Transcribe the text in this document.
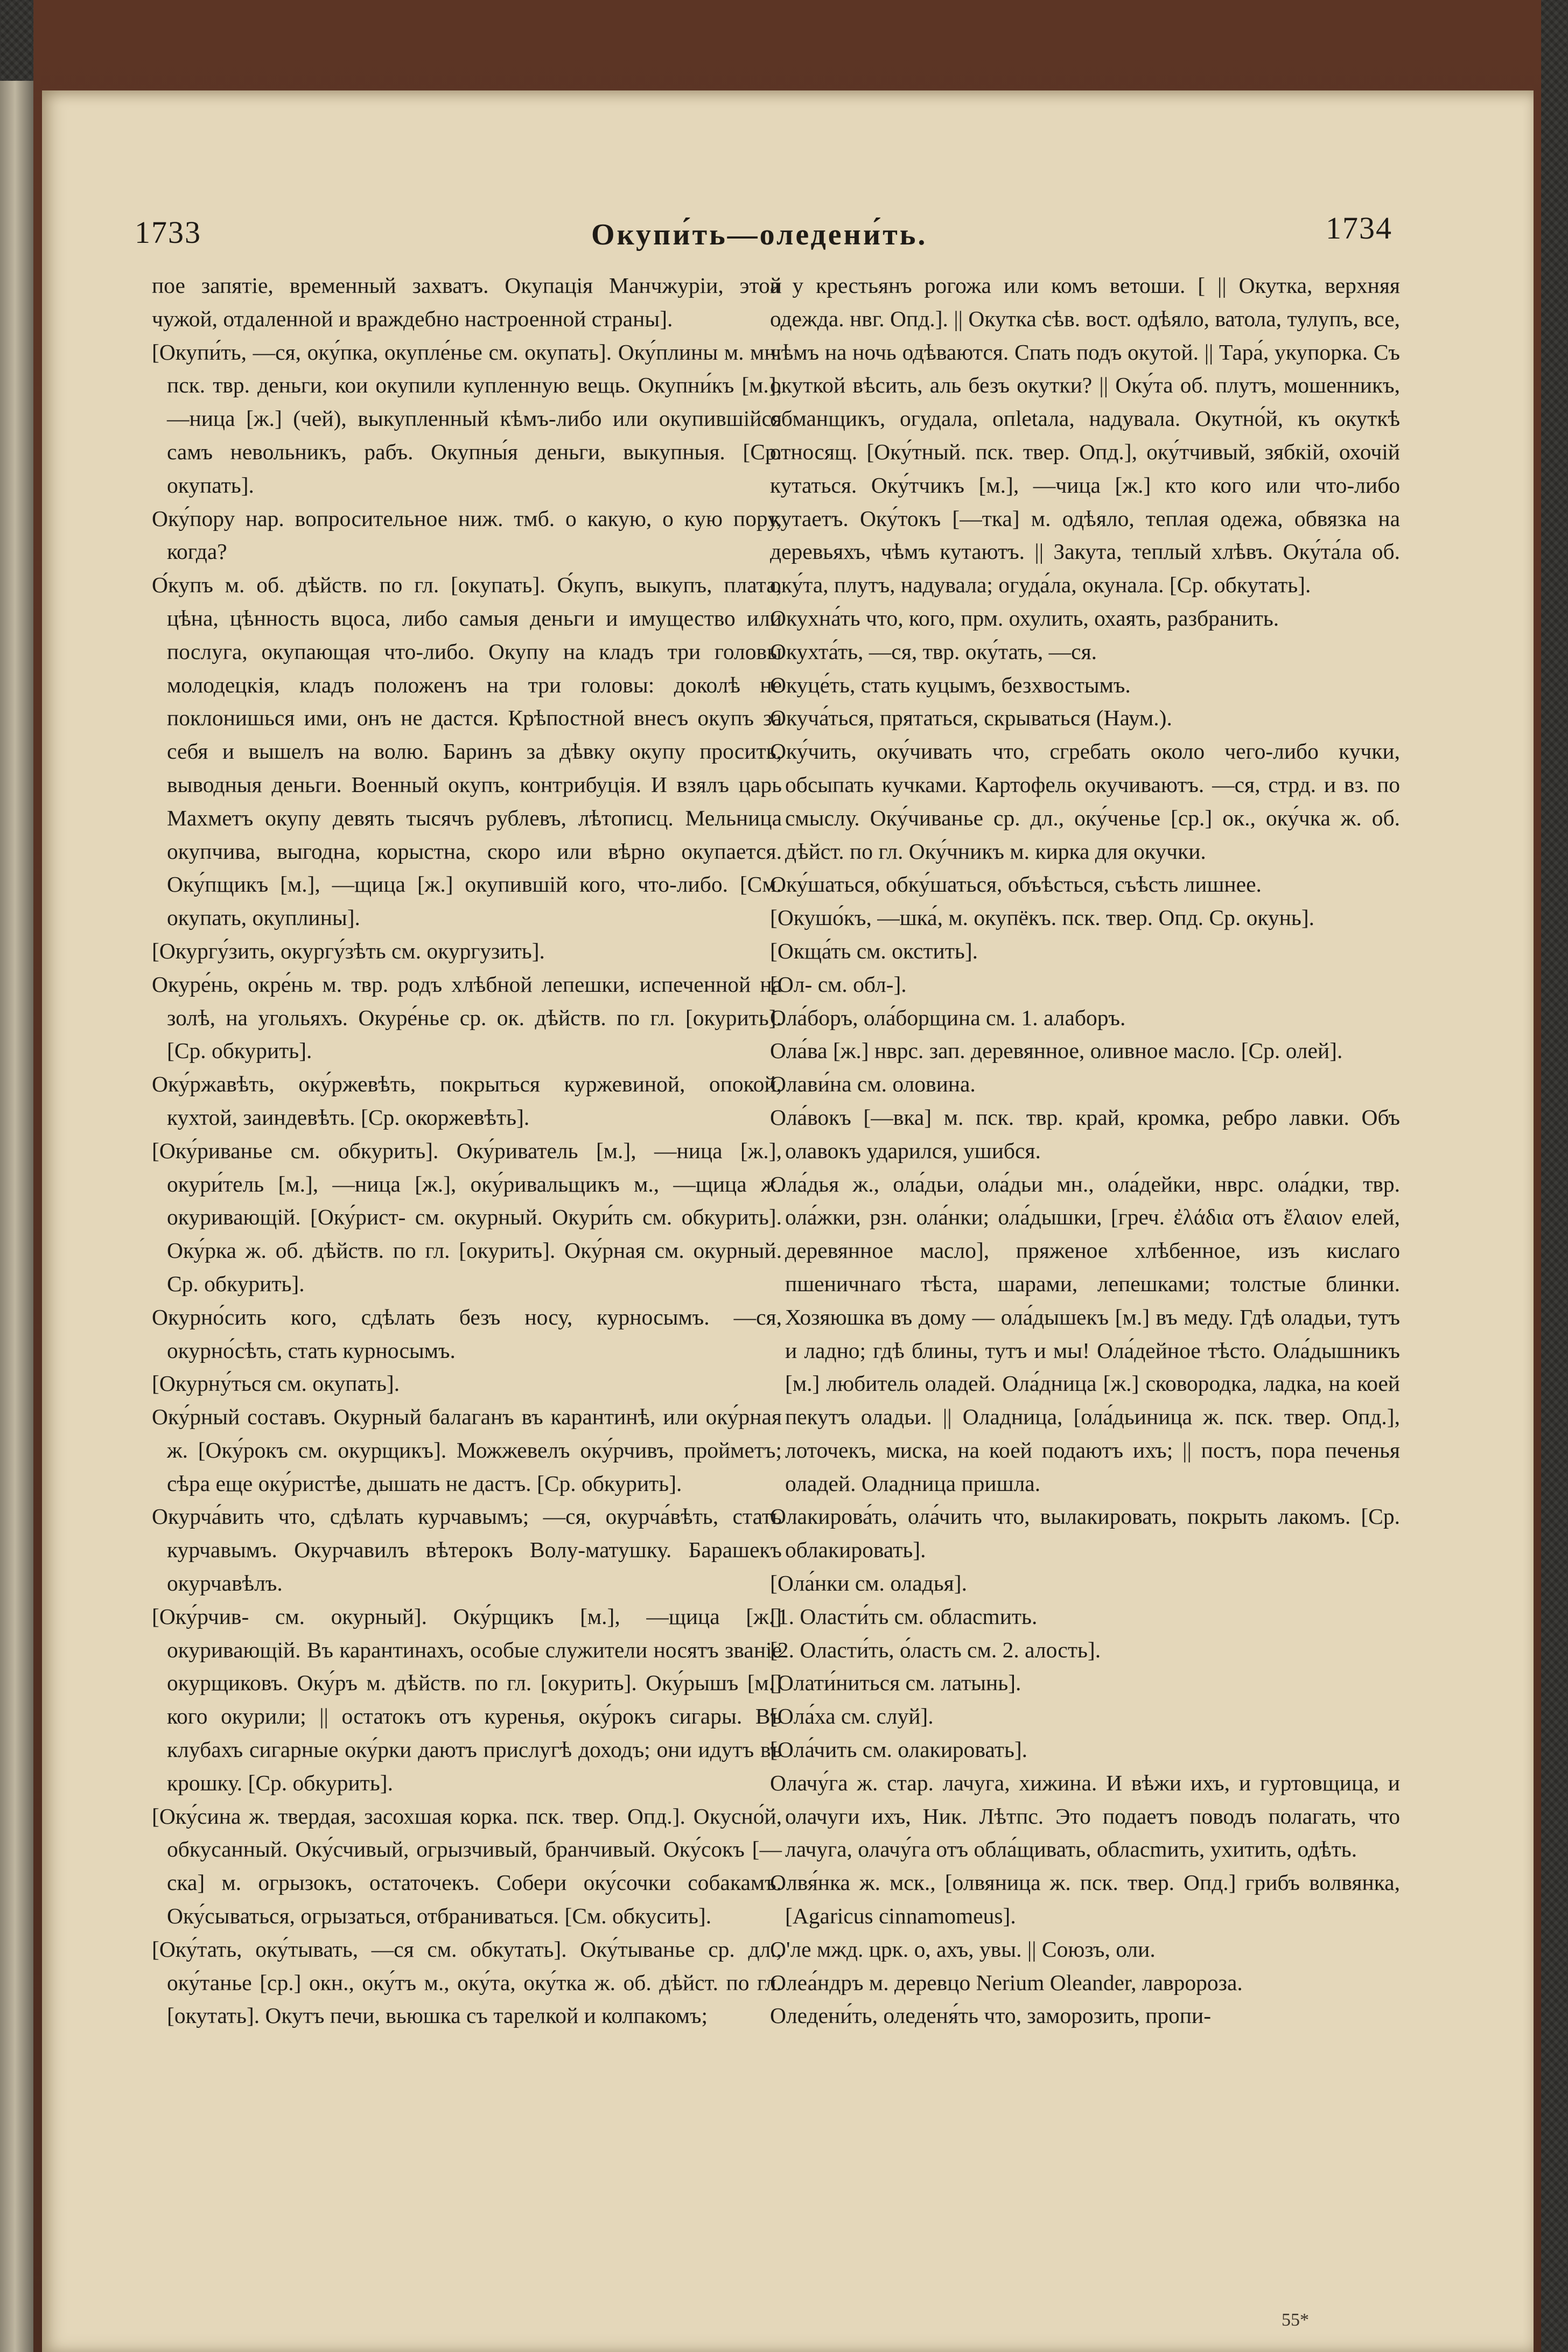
1733	Окупи́ть—оледени́ть.	1734

пое запятіе, временный захватъ. Окупація Манчжуріи, этой чужой, отдаленной и враждебно настроенной страны].

[Окупи́ть, —ся, оку́пка, окупле́нье см. окупать]. Оку́плины м. мн. пск. твр. деньги, кои окупили купленную вещь. Окупни́къ [м.], —ница [ж.] (чей), выкупленный кѣмъ-либо или окупившійся самъ невольникъ, рабъ. Окупны́я деньги, выкупныя. [Ср. окупать].

Оку́пору нар. вопросительное ниж. тмб. о какую, о кую пору, когда?

О́купъ м. об. дѣйств. по гл. [окупать]. О́купъ, выкупъ, плата, цѣна, цѣнность вцоса, либо самыя деньги и имущество или послуга, окупающая что-либо. Окупу на кладъ три головы молодецкія, кладъ положенъ на три головы: доколѣ не поклонишься ими, онъ не дастся. Крѣпостной внесъ окупъ за себя и вышелъ на волю. Баринъ за дѣвку окупу просить, выводныя деньги. Военный окупъ, контрибуція. И взялъ царь Махметъ окупу девять тысячъ рублевъ, лѣтописц. Мельница окупчива, выгодна, корыстна, скоро или вѣрно окупается. Оку́пщикъ [м.], —щица [ж.] окупившій кого, что-либо. [См. окупать, окуплины].

[Окургу́зить, окургу́зѣть см. окургузить].

Окуре́нь, окре́нь м. твр. родъ хлѣбной лепешки, испеченной на золѣ, на угольяхъ. Окуре́нье ср. ок. дѣйств. по гл. [окурить]. [Ср. обкурить].

Оку́ржавѣть, оку́ржевѣть, покрыться куржевиной, опокой, кухтой, заиндевѣть. [Ср. окоржевѣть].

[Оку́риванье см. обкурить]. Оку́риватель [м.], —ница [ж.], окури́тель [м.], —ница [ж.], оку́ривальщикъ м., —щица ж. окуривающій. [Оку́рист- см. окурный. Окури́ть см. обкурить]. Оку́рка ж. об. дѣйств. по гл. [окурить]. Оку́рная см. окурный. Ср. обкурить].

Окурно́сить кого, сдѣлать безъ носу, курносымъ. —ся, окурно́сѣть, стать курносымъ.

[Окурну́ться см. окупать].

Оку́рный составъ. Окурный балаганъ въ карантинѣ, или оку́рная ж. [Оку́рокъ см. окурщикъ]. Можжевелъ оку́рчивъ, пройметъ; сѣра еще оку́ристѣе, дышать не дастъ. [Ср. обкурить].

Окурча́вить что, сдѣлать курчавымъ; —ся, окурча́вѣть, стать курчавымъ. Окурчавилъ вѣтерокъ Волу-матушку. Барашекъ окурчавѣлъ.

[Оку́рчив- см. окурный]. Оку́рщикъ [м.], —щица [ж.] окуривающій. Въ карантинахъ, особые служители носятъ званіе окурщиковъ. Оку́ръ м. дѣйств. по гл. [окурить]. Оку́рышъ [м.] кого окурили; || остатокъ отъ куренья, оку́рокъ сигары. Въ клубахъ сигарные оку́рки даютъ прислугѣ доходъ; они идутъ въ крошку. [Ср. обкурить].

[Оку́сина ж. твердая, засохшая корка. пск. твер. Опд.]. Окусно́й, обкусанный. Оку́счивый, огрызчивый, бранчивый. Оку́сокъ [—ска] м. огрызокъ, остаточекъ. Собери оку́сочки собакамъ. Оку́сываться, огрызаться, отбраниваться. [См. обкусить].

[Оку́тать, оку́тывать, —ся см. обкутать]. Оку́тыванье ср. дл., оку́танье [ср.] окн., оку́тъ м., оку́та, оку́тка ж. об. дѣйст. по гл. [окутать]. Окутъ печи, вьюшка съ тарелкой и колпакомъ;

а у крестьянъ рогожа или комъ ветоши. [ || Окутка, верхняя одежда. нвг. Опд.]. || Окутка сѣв. вост. одѣяло, ватола, тулупъ, все, чѣмъ на ночь одѣваются. Спать подъ окутой. || Тара́, укупорка. Съ окуткой вѣсить, аль безъ окутки? || Оку́та об. плутъ, мошенникъ, обманщикъ, огудала, опletала, надувала. Окутно́й, къ окуткѣ относящ. [Оку́тный. пск. твер. Опд.], оку́тчивый, зябкій, охочій кутаться. Оку́тчикъ [м.], —чица [ж.] кто кого или что-либо кутаетъ. Оку́токъ [—тка] м. одѣяло, теплая одежа, обвязка на деревьяхъ, чѣмъ кутаютъ. || Закута, теплый хлѣвъ. Оку́та́ла об. оку́та, плутъ, надувала; огуда́ла, окунала. [Ср. обкутать].

Окухна́ть что, кого, прм. охулить, охаять, разбранить.

Окухта́ть, —ся, твр. оку́тать, —ся.

Окуце́ть, стать куцымъ, безхвостымъ.

Окуча́ться, прятаться, скрываться (Наум.).

Оку́чить, оку́чивать что, сгребать около чего-либо кучки, обсыпать кучками. Картофель окучиваютъ. —ся, стрд. и вз. по смыслу. Оку́чиванье ср. дл., оку́ченье [ср.] ок., оку́чка ж. об. дѣйст. по гл. Оку́чникъ м. кирка для окучки.

Оку́шаться, обку́шаться, объѣсться, съѣсть лишнее.

[Окушо́къ, —шка́, м. окупёкъ. пск. твер. Опд. Ср. окунь].

[Окща́ть см. окстить].

[Ол- см. обл-].

Ола́боръ, ола́борщина см. 1. алаборъ.

Ола́ва [ж.] нврс. зап. деревянное, оливное масло. [Ср. олей].

Олави́на см. оловина.

Ола́вокъ [—вка] м. пск. твр. край, кромка, ребро лавки. Объ олавокъ ударился, ушибся.

Ола́дья ж., ола́дьи, ола́дьи мн., ола́дейки, нврс. ола́дки, твр. ола́жки, рзн. ола́нки; ола́дышки, [греч. ἐλάδια отъ ἔλαιον елей, деревянное масло], пряженое хлѣбенное, изъ кислаго пшеничнаго тѣста, шарами, лепешками; толстые блинки. Хозяюшка въ дому — ола́дышекъ [м.] въ меду. Гдѣ оладьи, тутъ и ладно; гдѣ блины, тутъ и мы! Ола́дейное тѣсто. Ола́дышникъ [м.] любитель оладей. Ола́дница [ж.] сковородка, ладка, на коей пекутъ оладьи. || Оладница, [ола́дьиница ж. пск. твер. Опд.], лоточекъ, миска, на коей подаютъ ихъ; || постъ, пора печенья оладей. Оладница пришла.

Олакирова́ть, ола́чить что, вылакировать, покрыть лакомъ. [Ср. облакировать].

[Ола́нки см. оладья].

[1. Оласти́ть см. обласmить.

[2. Оласти́ть, о́ласть см. 2. алость].

[Олати́ниться см. латынь].

[Ола́ха см. слуй].

[Ола́чить см. олакировать].

Олачу́га ж. стар. лачуга, хижина. И вѣжи ихъ, и гуртовщица, и олачуги ихъ, Ник. Лѣтпс. Это подаетъ поводъ полагать, что лачуга, олачу́га отъ обла́щивать, обласmить, ухитить, одѣть.

Олвя́нка ж. мск., [олвяница ж. пск. твер. Опд.] грибъ волвянка, [Agaricus cinnamomeus].

О'ле мжд. црк. о, ахъ, увы. || Союзъ, оли.

Олеа́ндръ м. деревцо Nerium Oleander, лавророза.

Оледени́ть, оледеня́ть что, заморозить, пропи-

55*
